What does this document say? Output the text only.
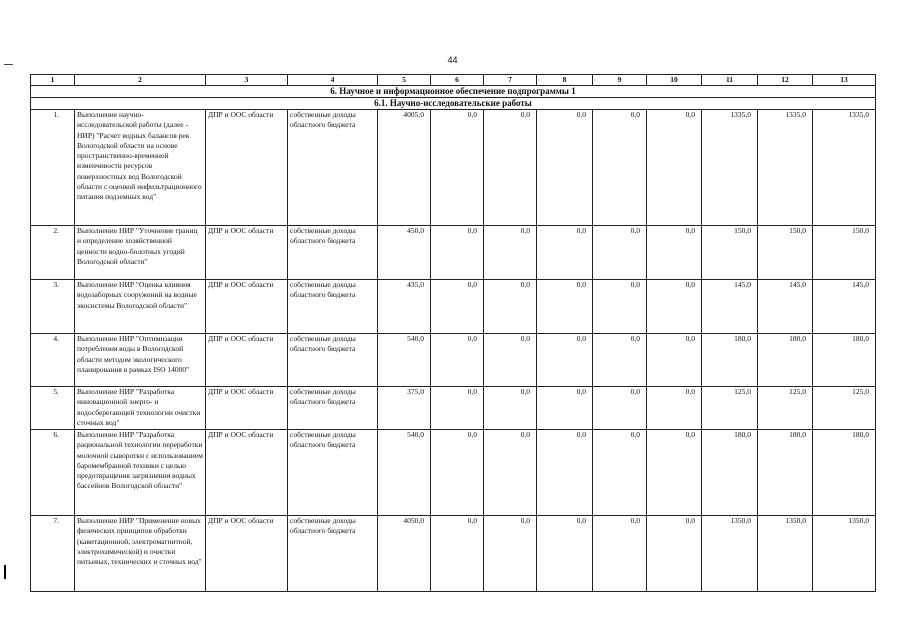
44
1	2	3	4	5	6	7	8	9	10	11	12	13
6. Научное и информационное обеспечение подпрограммы 1												
6.1. Научно-исследовательские работы												
1.	Выполнение научно-исследовательской работы (далее - НИР) "Расчет водных балансов рек Вологодской области на основе пространственно-временной изменчивости ресурсов поверхностных вод Вологодской области с оценкой инфильтрационного питания подземных вод"	ДПР и ООС области	собственные доходы областного бюджета	4005,0	0,0	0,0	0,0	0,0	0,0	1335,0	1335,0	1335,0
2.	Выполнение НИР "Уточнение границ и определение хозяйственной ценности водно-болотных угодий Вологодской области"	ДПР и ООС области	собственные доходы областного бюджета	450,0	0,0	0,0	0,0	0,0	0,0	150,0	150,0	150,0
3.	Выполнение НИР "Оценка влияния водозаборных сооружений на водные экосистемы Вологодской области"	ДПР и ООС области	собственные доходы областного бюджета	435,0	0,0	0,0	0,0	0,0	0,0	145,0	145,0	145,0
4.	Выполнение НИР "Оптимизация потребления воды в Вологодской области методом экологического планирования в рамках ISO 14000"	ДПР и ООС области	собственные доходы областного бюджета	540,0	0,0	0,0	0,0	0,0	0,0	180,0	180,0	180,0
5.	Выполнение НИР "Разработка инновационной энерго- и водосберегающей технологии очистки сточных вод"	ДПР и ООС области	собственные доходы областного бюджета	375,0	0,0	0,0	0,0	0,0	0,0	125,0	125,0	125,0
6.	Выполнение НИР "Разработка рациональной технологии переработки молочной сыворотки с использованием баромембранной техники с целью предотвращения загрязнения водных бассейнов Вологодской области"	ДПР и ООС области	собственные доходы областного бюджета	540,0	0,0	0,0	0,0	0,0	0,0	180,0	180,0	180,0
7.	Выполнение НИР "Применение новых физических принципов обработки (кавитационной, электромагнитной, электрохимической) и очистки питьевых, технических и сточных вод"	ДПР и ООС области	собственные доходы областного бюджета	4050,0	0,0	0,0	0,0	0,0	0,0	1350,0	1350,0	1350,0
